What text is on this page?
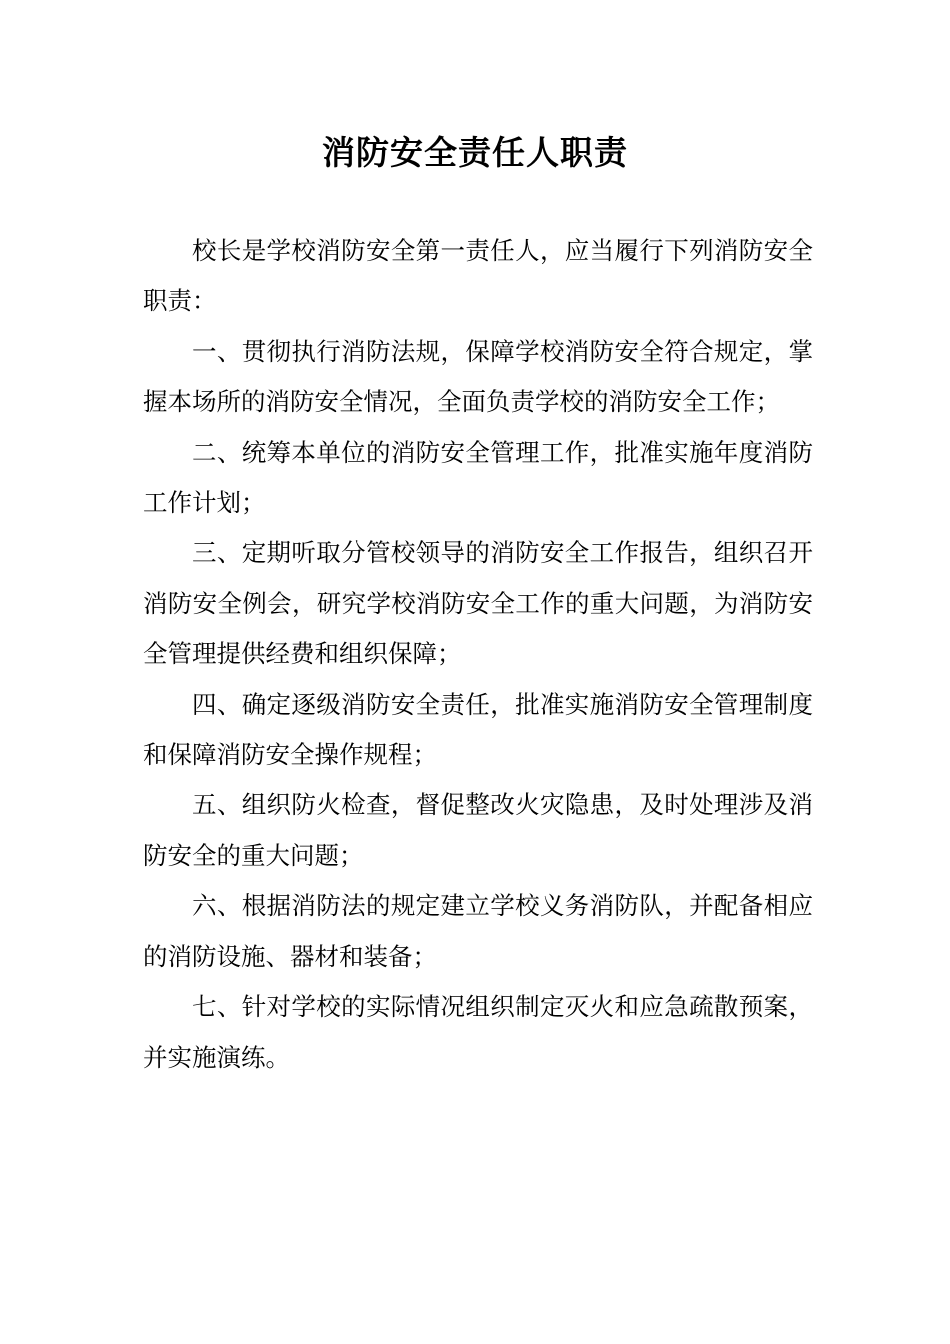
消防安全责任人职责

校长是学校消防安全第一责任人，应当履行下列消防安全职责：

一、贯彻执行消防法规，保障学校消防安全符合规定，掌握本场所的消防安全情况，全面负责学校的消防安全工作；

二、统筹本单位的消防安全管理工作，批准实施年度消防工作计划；

三、定期听取分管校领导的消防安全工作报告，组织召开消防安全例会，研究学校消防安全工作的重大问题，为消防安全管理提供经费和组织保障；

四、确定逐级消防安全责任，批准实施消防安全管理制度和保障消防安全操作规程；

五、组织防火检查，督促整改火灾隐患，及时处理涉及消防安全的重大问题；

六、根据消防法的规定建立学校义务消防队，并配备相应的消防设施、器材和装备；

七、针对学校的实际情况组织制定灭火和应急疏散预案，并实施演练。
